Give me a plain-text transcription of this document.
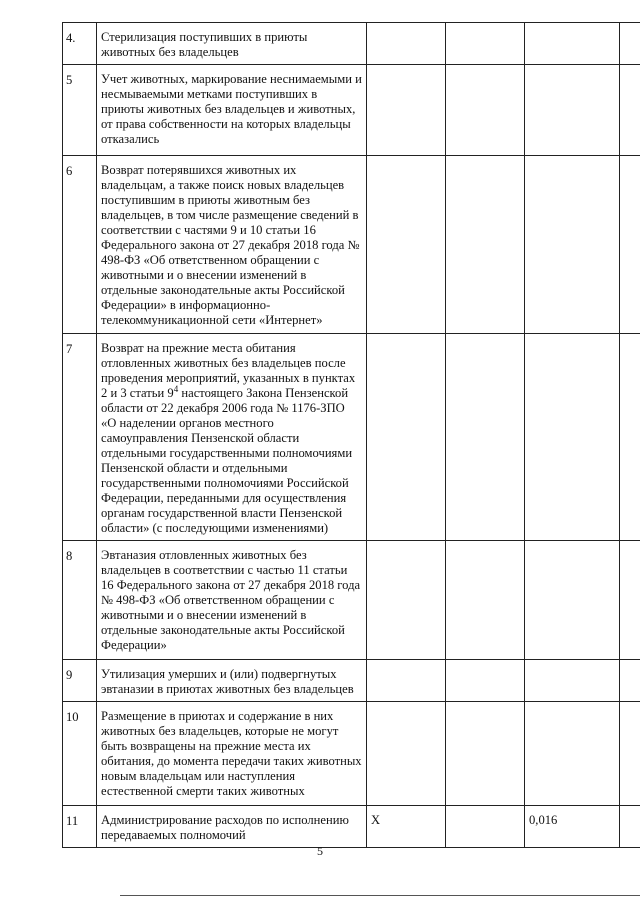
4.	Стерилизация поступивших в приюты животных без владельцев				
5	Учет животных, маркирование неснимаемыми и несмываемыми метками поступивших в приюты животных без владельцев и животных, от права собственности на которых владельцы отказались				
6	Возврат потерявшихся животных их владельцам, а также поиск новых владельцев поступившим в приюты животным без владельцев, в том числе размещение сведений в соответствии с частями 9 и 10 статьи 16 Федерального закона от 27 декабря 2018 года № 498-ФЗ «Об ответственном обращении с животными и о внесении изменений в отдельные законодательные акты Российской Федерации» в информационно-телекоммуникационной сети «Интернет»				
7	Возврат на прежние места обитания отловленных животных без владельцев после проведения мероприятий, указанных в пунктах 2 и 3 статьи $9^4$ настоящего Закона Пензенской области от 22 декабря 2006 года № 1176-ЗПО «О наделении органов местного самоуправления Пензенской области отдельными государственными полномочиями Пензенской области и отдельными государственными полномочиями Российской Федерации, переданными для осуществления органам государственной власти Пензенской области» (с последующими изменениями)				
8	Эвтаназия отловленных животных без владельцев в соответствии с частью 11 статьи 16 Федерального закона от 27 декабря 2018 года № 498-ФЗ «Об ответственном обращении с животными и о внесении изменений в отдельные законодательные акты Российской Федерации»				
9	Утилизация умерших и (или) подвергнутых эвтаназии в приютах животных без владельцев				
10	Размещение в приютах и содержание в них животных без владельцев, которые не могут быть возвращены на прежние места их обитания, до момента передачи таких животных новым владельцам или наступления естественной смерти таких животных				
11	Администрирование расходов по исполнению передаваемых полномочий	Х		0,016	
5
